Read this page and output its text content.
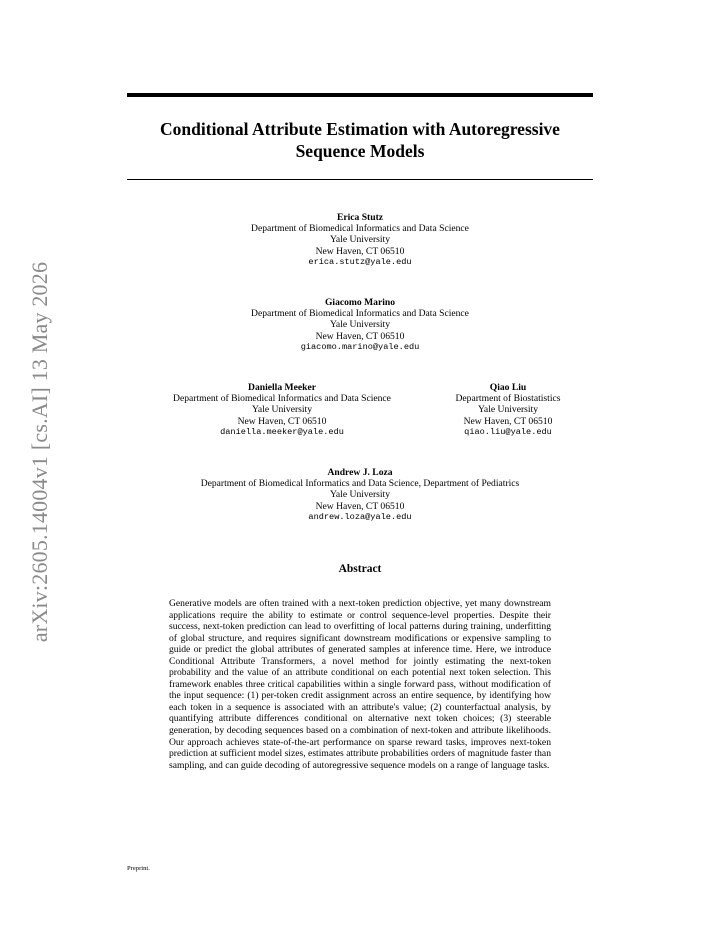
arXiv:2605.14004v1 [cs.AI] 13 May 2026
Conditional Attribute Estimation with Autoregressive
Sequence Models
Erica Stutz
Department of Biomedical Informatics and Data Science
Yale University
New Haven, CT 06510
erica.stutz@yale.edu
Giacomo Marino
Department of Biomedical Informatics and Data Science
Yale University
New Haven, CT 06510
giacomo.marino@yale.edu
Daniella Meeker
Department of Biomedical Informatics and Data Science
Yale University
New Haven, CT 06510
daniella.meeker@yale.edu
Qiao Liu
Department of Biostatistics
Yale University
New Haven, CT 06510
qiao.liu@yale.edu
Andrew J. Loza
Department of Biomedical Informatics and Data Science, Department of Pediatrics
Yale University
New Haven, CT 06510
andrew.loza@yale.edu
Abstract

Generative models are often trained with a next-token prediction objective, yet many downstream applications require the ability to estimate or control sequence-level properties. Despite their success, next-token prediction can lead to overfitting of local patterns during training, underfitting of global structure, and requires significant downstream modifications or expensive sampling to guide or predict the global attributes of generated samples at inference time. Here, we introduce Conditional Attribute Transformers, a novel method for jointly estimating the next-token probability and the value of an attribute conditional on each potential next token selection. This framework enables three critical capabilities within a single forward pass, without modification of the input sequence: (1) per-token credit assignment across an entire sequence, by identifying how each token in a sequence is associated with an attribute's value; (2) counterfactual analysis, by quantifying attribute differences conditional on alternative next token choices; (3) steerable generation, by decoding sequences based on a combination of next-token and attribute likelihoods. Our approach achieves state-of-the-art performance on sparse reward tasks, improves next-token prediction at sufficient model sizes, estimates attribute probabilities orders of magnitude faster than sampling, and can guide decoding of autoregressive sequence models on a range of language tasks.

Preprint.
